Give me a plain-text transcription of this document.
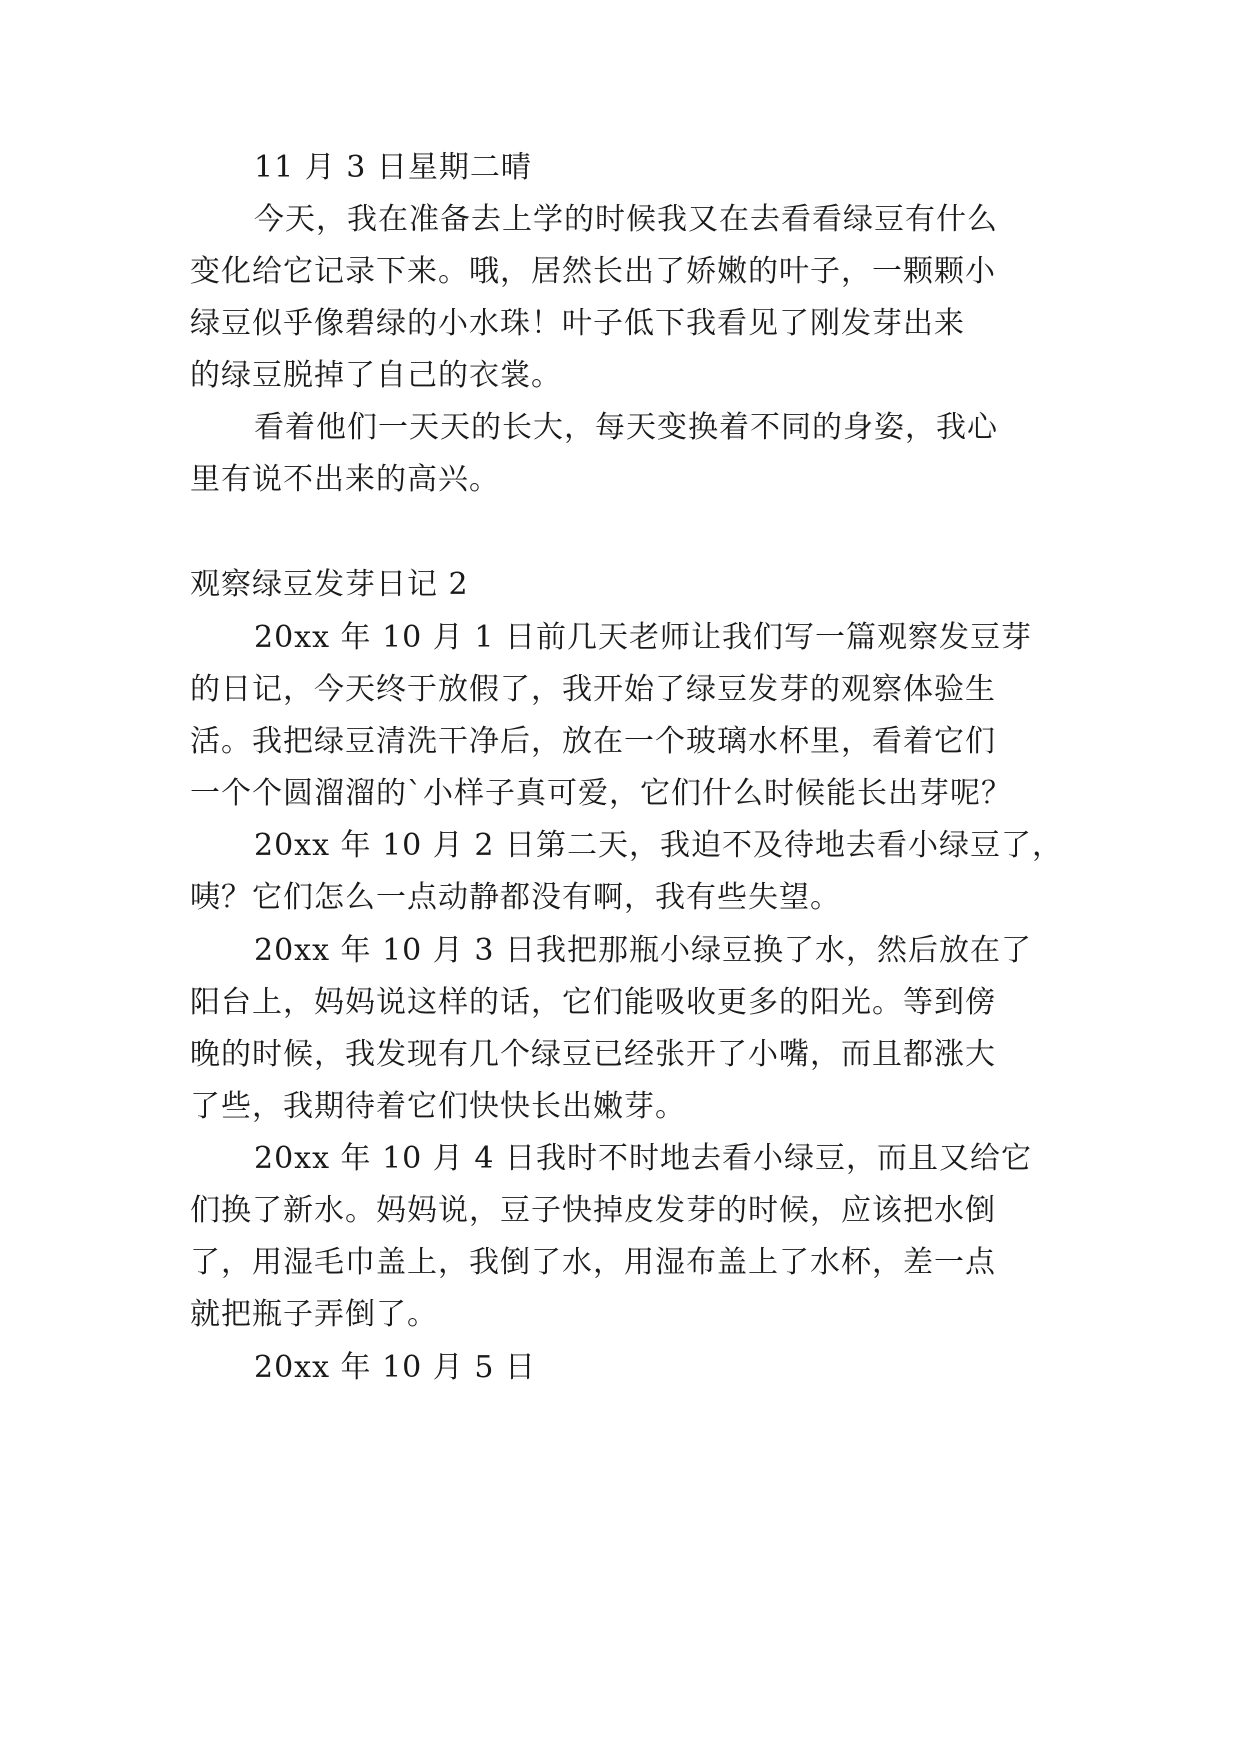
11 月 3 日星期二晴
今天，我在准备去上学的时候我又在去看看绿豆有什么
变化给它记录下来。哦，居然长出了娇嫩的叶子，一颗颗小
绿豆似乎像碧绿的小水珠！叶子低下我看见了刚发芽出来
的绿豆脱掉了自己的衣裳。
看着他们一天天的长大，每天变换着不同的身姿，我心
里有说不出来的高兴。
观察绿豆发芽日记 2
20xx 年 10 月 1 日前几天老师让我们写一篇观察发豆芽
的日记，今天终于放假了，我开始了绿豆发芽的观察体验生
活。我把绿豆清洗干净后，放在一个玻璃水杯里，看着它们
一个个圆溜溜的`小样子真可爱，它们什么时候能长出芽呢？
20xx 年 10 月 2 日第二天，我迫不及待地去看小绿豆了，
咦？它们怎么一点动静都没有啊，我有些失望。
20xx 年 10 月 3 日我把那瓶小绿豆换了水，然后放在了
阳台上，妈妈说这样的话，它们能吸收更多的阳光。等到傍
晚的时候，我发现有几个绿豆已经张开了小嘴，而且都涨大
了些，我期待着它们快快长出嫩芽。
20xx 年 10 月 4 日我时不时地去看小绿豆，而且又给它
们换了新水。妈妈说，豆子快掉皮发芽的时候，应该把水倒
了，用湿毛巾盖上，我倒了水，用湿布盖上了水杯，差一点
就把瓶子弄倒了。
20xx 年 10 月 5 日
